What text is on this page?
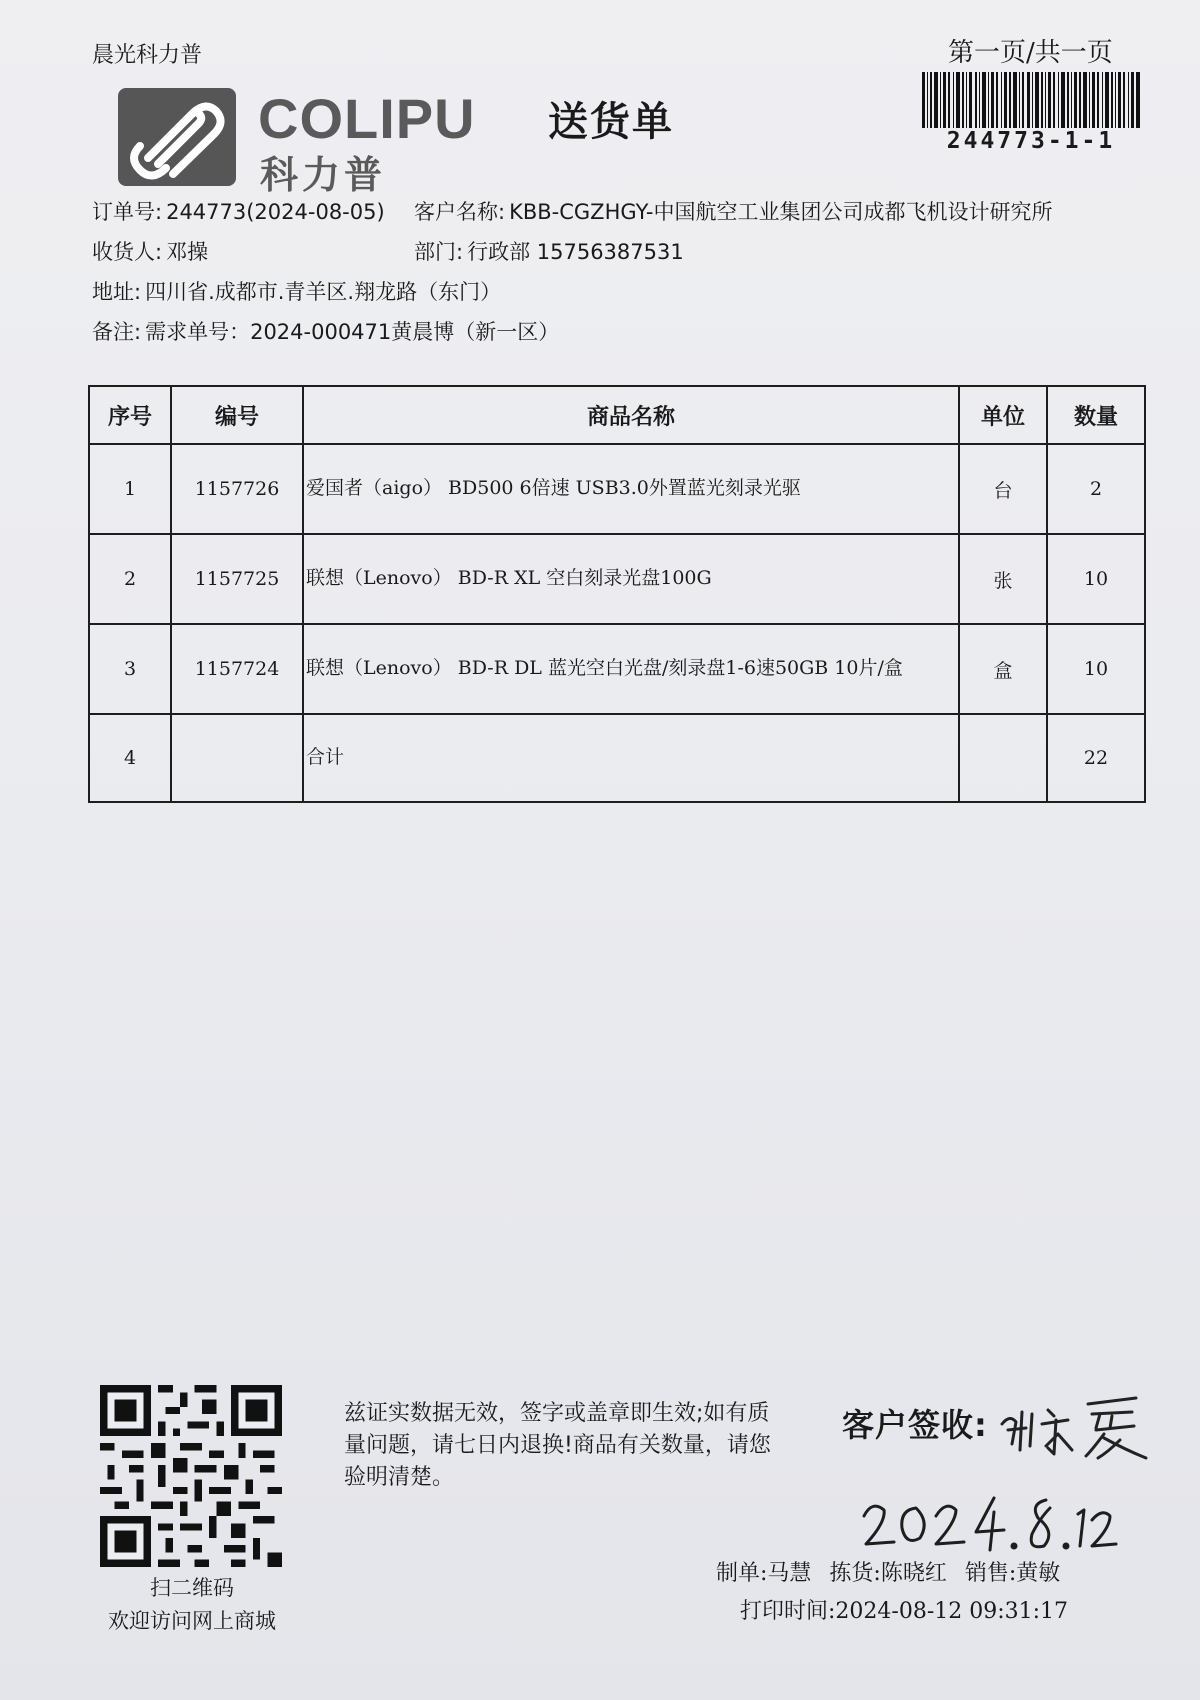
晨光科力普	第一页/共一页
COLIPU
科力普
送货单	244773-1-1
订单号: 244773(2024-08-05) 客户名称: KBB-CGZHGY-中国航空工业集团公司成都飞机设计研究所
收货人: 邓操	部门: 行政部 15756387531
地址: 四川省.成都市.青羊区.翔龙路（东门）
备注: 需求单号：2024-000471黄晨博（新一区）
序号	编号	商品名称	单位	数量
1	1157726	爱国者（aigo） BD500 6倍速 USB3.0外置蓝光刻录光驱	台	2
2	1157725	联想（Lenovo） BD-R XL 空白刻录光盘100G	张	10
3	1157724	联想（Lenovo） BD-R DL 蓝光空白光盘/刻录盘1-6速50GB 10片/盒	盒	10
4		合计		22
扫二维码
欢迎访问网上商城
兹证实数据无效，签字或盖章即生效;如有质量问题，请七日内退换!商品有关数量，请您验明清楚。
客户签收:
制单:马慧 拣货:陈晓红 销售:黄敏
打印时间:2024-08-12 09:31:17
